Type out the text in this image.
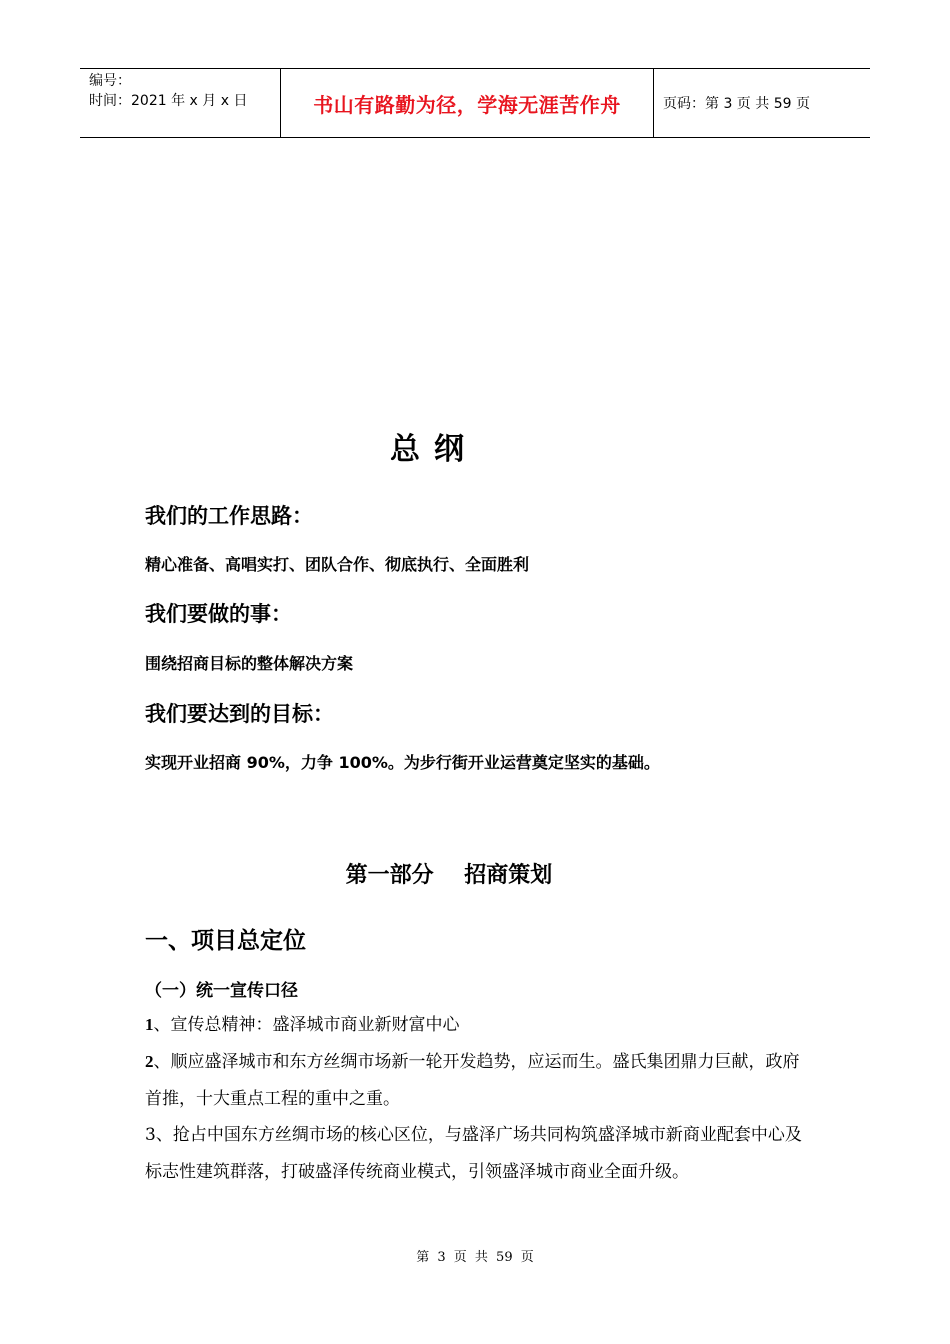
编号：
时间：2021 年 x 月 x 日	书山有路勤为径，学海无涯苦作舟	页码：第 3 页 共 59 页
总纲
我们的工作思路：
精心准备、高唱实打、团队合作、彻底执行、全面胜利
我们要做的事：
围绕招商目标的整体解决方案
我们要达到的目标：
实现开业招商 90%，力争 100%。为步行街开业运营奠定坚实的基础。
第一部分    招商策划
一、项目总定位
（一）统一宣传口径
1、宣传总精神：盛泽城市商业新财富中心
2、顺应盛泽城市和东方丝绸市场新一轮开发趋势，应运而生。盛氏集团鼎力巨献，政府首推，十大重点工程的重中之重。
3、抢占中国东方丝绸市场的核心区位，与盛泽广场共同构筑盛泽城市新商业配套中心及标志性建筑群落，打破盛泽传统商业模式，引领盛泽城市商业全面升级。
第 3 页 共 59 页
